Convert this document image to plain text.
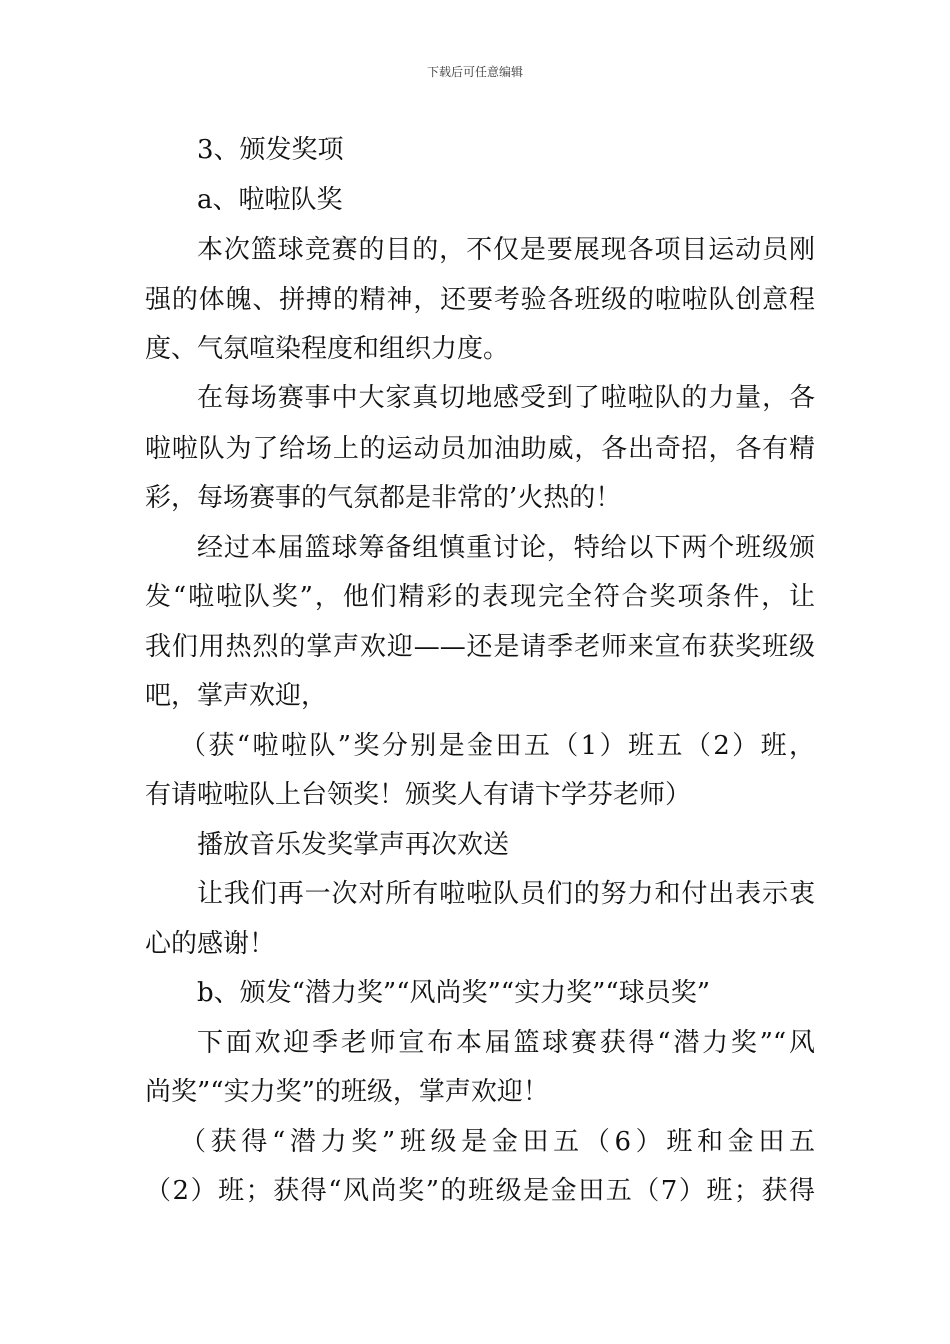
下载后可任意编辑
3、颁发奖项
a、啦啦队奖
本次篮球竞赛的目的，不仅是要展现各项目运动员刚
强的体魄、拼搏的精神，还要考验各班级的啦啦队创意程
度、气氛喧染程度和组织力度。
在每场赛事中大家真切地感受到了啦啦队的力量，各
啦啦队为了给场上的运动员加油助威，各出奇招，各有精
彩，每场赛事的气氛都是非常的’火热的！
经过本届篮球筹备组慎重讨论，特给以下两个班级颁
发“啦啦队奖”，他们精彩的表现完全符合奖项条件，让
我们用热烈的掌声欢迎——还是请季老师来宣布获奖班级
吧，掌声欢迎，
（获“啦啦队”奖分别是金田五（1）班五（2）班，
有请啦啦队上台领奖！颁奖人有请卞学芬老师）
播放音乐发奖掌声再次欢送
让我们再一次对所有啦啦队员们的努力和付出表示衷
心的感谢！
b、颁发“潜力奖”“风尚奖”“实力奖”“球员奖”
下面欢迎季老师宣布本届篮球赛获得“潜力奖”“风
尚奖”“实力奖”的班级，掌声欢迎！
（获得“潜力奖”班级是金田五（6）班和金田五
（2）班；获得“风尚奖”的班级是金田五（7）班；获得
